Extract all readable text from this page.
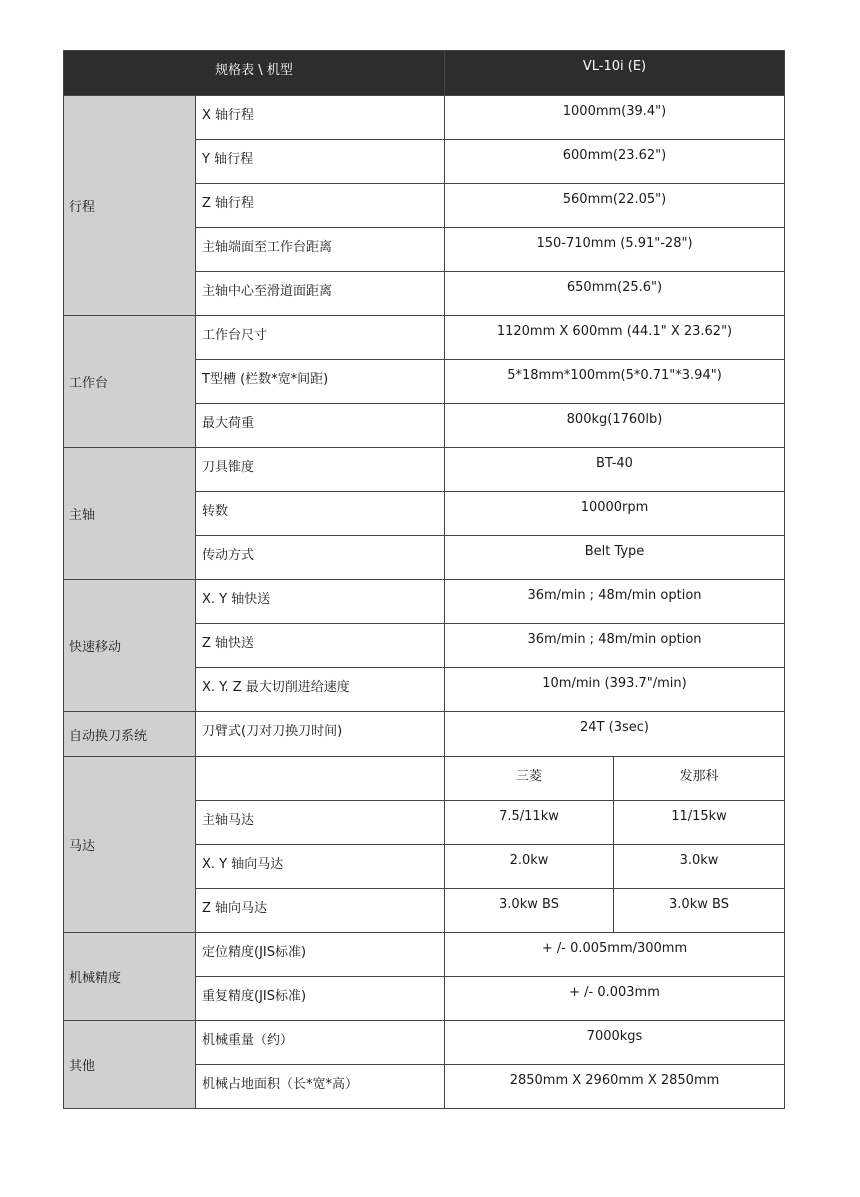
规格表 \ 机型		VL-10i (E)	
行程	X 轴行程	1000mm(39.4")	
	Y 轴行程	600mm(23.62")	
	Z 轴行程	560mm(22.05")	
	主轴端面至工作台距离	150-710mm (5.91"-28")	
	主轴中心至滑道面距离	650mm(25.6")	
工作台	工作台尺寸	1120mm X 600mm (44.1" X 23.62")	
	T型槽 (栏数*宽*间距)	5*18mm*100mm(5*0.71"*3.94")	
	最大荷重	800kg(1760lb)	
主轴	刀具锥度	BT-40	
	转数	10000rpm	
	传动方式	Belt Type	
快速移动	X. Y 轴快送	36m/min ; 48m/min option	
	Z 轴快送	36m/min ; 48m/min option	
	X. Y. Z 最大切削进给速度	10m/min (393.7"/min)	
自动换刀系统	刀臂式(刀对刀换刀时间)	24T (3sec)	
马达		三菱	发那科
	主轴马达	7.5/11kw	11/15kw
	X. Y 轴向马达	2.0kw	3.0kw
	Z 轴向马达	3.0kw BS	3.0kw BS
机械精度	定位精度(JIS标准)	+ /- 0.005mm/300mm	
	重复精度(JIS标准)	+ /- 0.003mm	
其他	机械重量（约）	7000kgs	
	机械占地面积（长*宽*高）	2850mm X 2960mm X 2850mm	
